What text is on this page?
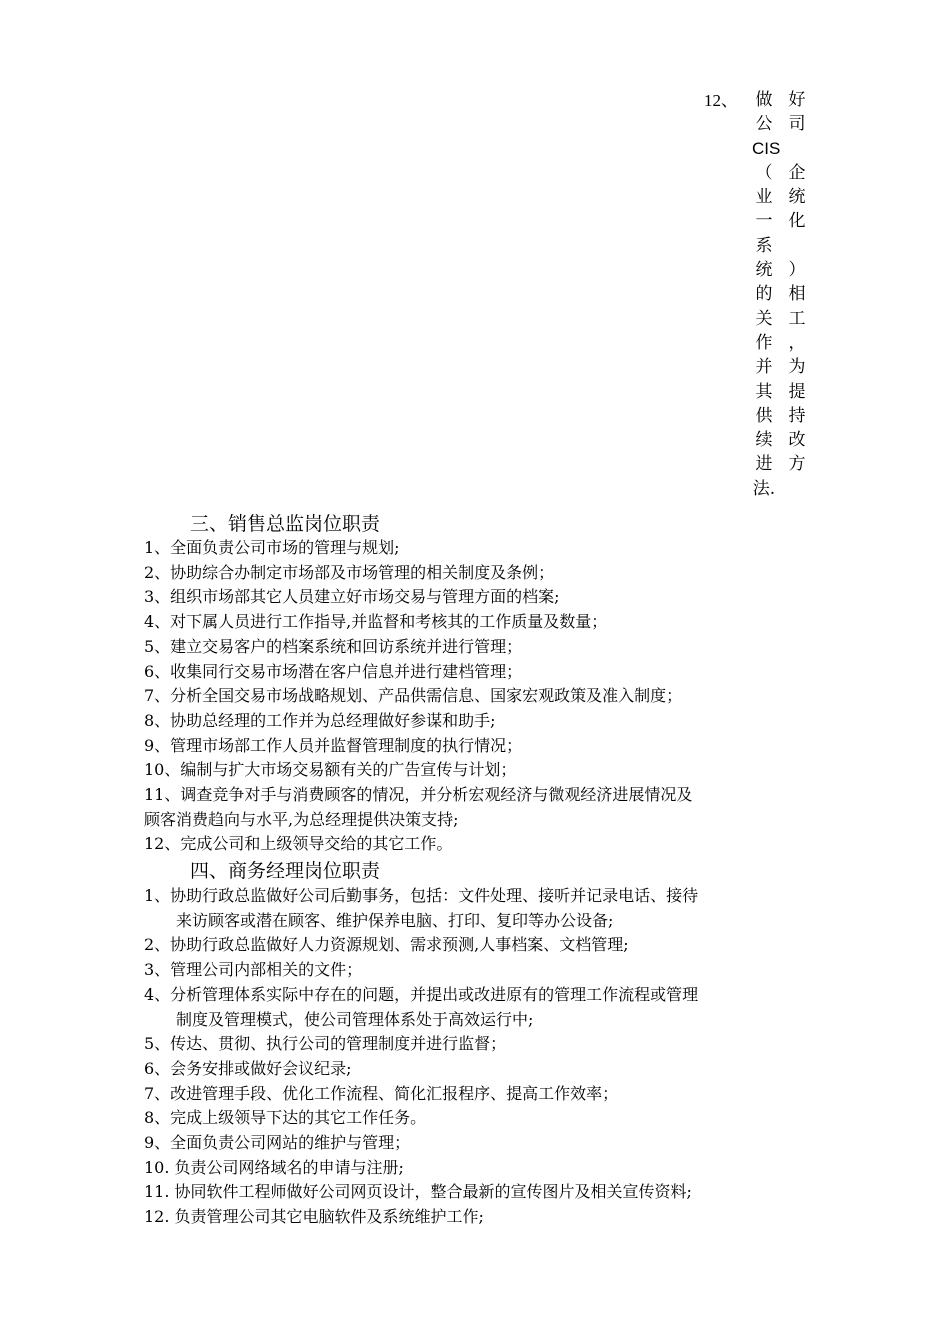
12、 做
公
CIS
（
业
一
系
统
的
关
作
并
其
供
续
进
法.
好
司
企
统
化
）
相
工
，
为
提
持
改
方
三、销售总监岗位职责
1、全面负责公司市场的管理与规划;
2、协助综合办制定市场部及市场管理的相关制度及条例；
3、组织市场部其它人员建立好市场交易与管理方面的档案;
4、对下属人员进行工作指导,并监督和考核其的工作质量及数量；
5、建立交易客户的档案系统和回访系统并进行管理；
6、收集同行交易市场潜在客户信息并进行建档管理；
7、分析全国交易市场战略规划、产品供需信息、国家宏观政策及准入制度；
8、协助总经理的工作并为总经理做好参谋和助手;
9、管理市场部工作人员并监督管理制度的执行情况；
10、编制与扩大市场交易额有关的广告宣传与计划；
11、调查竞争对手与消费顾客的情况，并分析宏观经济与微观经济进展情况及
顾客消费趋向与水平,为总经理提供决策支持;
12、完成公司和上级领导交给的其它工作。
四、商务经理岗位职责
1、协助行政总监做好公司后勤事务，包括：文件处理、接听并记录电话、接待
来访顾客或潜在顾客、维护保养电脑、打印、复印等办公设备;
2、协助行政总监做好人力资源规划、需求预测,人事档案、文档管理;
3、管理公司内部相关的文件；
4、分析管理体系实际中存在的问题，并提出或改进原有的管理工作流程或管理
制度及管理模式，使公司管理体系处于高效运行中;
5、传达、贯彻、执行公司的管理制度并进行监督；
6、会务安排或做好会议纪录;
7、改进管理手段、优化工作流程、简化汇报程序、提高工作效率；
8、完成上级领导下达的其它工作任务。
9、全面负责公司网站的维护与管理；
10. 负责公司网络域名的申请与注册;
11. 协同软件工程师做好公司网页设计，整合最新的宣传图片及相关宣传资料;
12. 负责管理公司其它电脑软件及系统维护工作;
